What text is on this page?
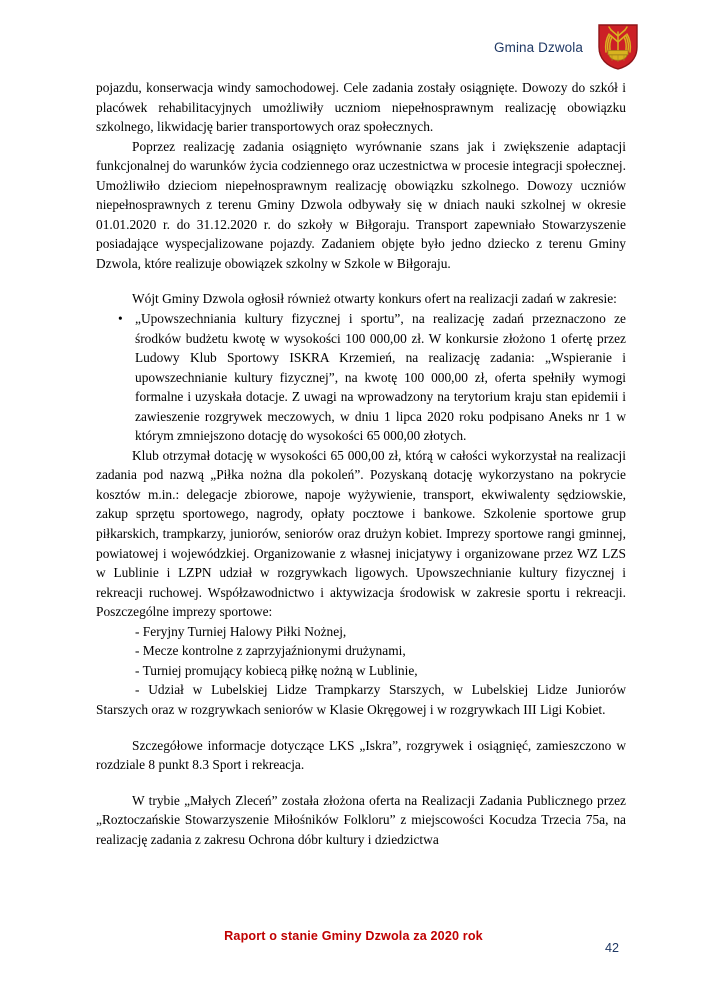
Gmina Dzwola

pojazdu, konserwacja windy samochodowej. Cele zadania zostały osiągnięte. Dowozy do szkół i placówek rehabilitacyjnych umożliwiły uczniom niepełnosprawnym realizację obowiązku szkolnego, likwidację barier transportowych oraz społecznych.

Poprzez realizację zadania osiągnięto wyrównanie szans jak i zwiększenie adaptacji funkcjonalnej do warunków życia codziennego oraz uczestnictwa w procesie integracji społecznej. Umożliwiło dzieciom niepełnosprawnym realizację obowiązku szkolnego. Dowozy uczniów niepełnosprawnych z terenu Gminy Dzwola odbywały się w dniach nauki szkolnej w okresie 01.01.2020 r. do 31.12.2020 r. do szkoły w Biłgoraju. Transport zapewniało Stowarzyszenie posiadające wyspecjalizowane pojazdy. Zadaniem objęte było jedno dziecko z terenu Gminy Dzwola, które realizuje obowiązek szkolny w Szkole w Biłgoraju.

Wójt Gminy Dzwola ogłosił również otwarty konkurs ofert na realizacji zadań w zakresie:

• „Upowszechniania kultury fizycznej i sportu”, na realizację zadań przeznaczono ze środków budżetu kwotę w wysokości 100 000,00 zł. W konkursie złożono 1 ofertę przez Ludowy Klub Sportowy ISKRA Krzemień, na realizację zadania: „Wspieranie i upowszechnianie kultury fizycznej”, na kwotę 100 000,00 zł, oferta spełniły wymogi formalne i uzyskała dotacje. Z uwagi na wprowadzony na terytorium kraju stan epidemii i zawieszenie rozgrywek meczowych, w dniu 1 lipca 2020 roku podpisano Aneks nr 1 w którym zmniejszono dotację do wysokości 65 000,00 złotych.

Klub otrzymał dotację w wysokości 65 000,00 zł, którą w całości wykorzystał na realizacji zadania pod nazwą „Piłka nożna dla pokoleń”. Pozyskaną dotację wykorzystano na pokrycie kosztów m.in.: delegacje zbiorowe, napoje wyżywienie, transport, ekwiwalenty sędziowskie, zakup sprzętu sportowego, nagrody, opłaty pocztowe i bankowe. Szkolenie sportowe grup piłkarskich, trampkarzy, juniorów, seniorów oraz drużyn kobiet. Imprezy sportowe rangi gminnej, powiatowej i wojewódzkiej. Organizowanie z własnej inicjatywy i organizowane przez WZ LZS w Lublinie i LZPN udział w rozgrywkach ligowych. Upowszechnianie kultury fizycznej i rekreacji ruchowej. Współzawodnictwo i aktywizacja środowisk w zakresie sportu i rekreacji. Poszczególne imprezy sportowe:

- Feryjny Turniej Halowy Piłki Nożnej,
- Mecze kontrolne z zaprzyjaźnionymi drużynami,
- Turniej promujący kobiecą piłkę nożną w Lublinie,
- Udział w Lubelskiej Lidze Trampkarzy Starszych, w Lubelskiej Lidze Juniorów Starszych oraz w rozgrywkach seniorów w Klasie Okręgowej i w rozgrywkach III Ligi Kobiet.

Szczegółowe informacje dotyczące LKS „Iskra”, rozgrywek i osiągnięć, zamieszczono w rozdziale 8 punkt 8.3 Sport i rekreacja.

W trybie „Małych Zleceń” została złożona oferta na Realizacji Zadania Publicznego przez „Roztoczańskie Stowarzyszenie Miłośników Folkloru” z miejscowości Kocudza Trzecia 75a, na realizację zadania z zakresu Ochrona dóbr kultury i dziedzictwa

Raport o stanie Gminy Dzwola za 2020 rok
42
